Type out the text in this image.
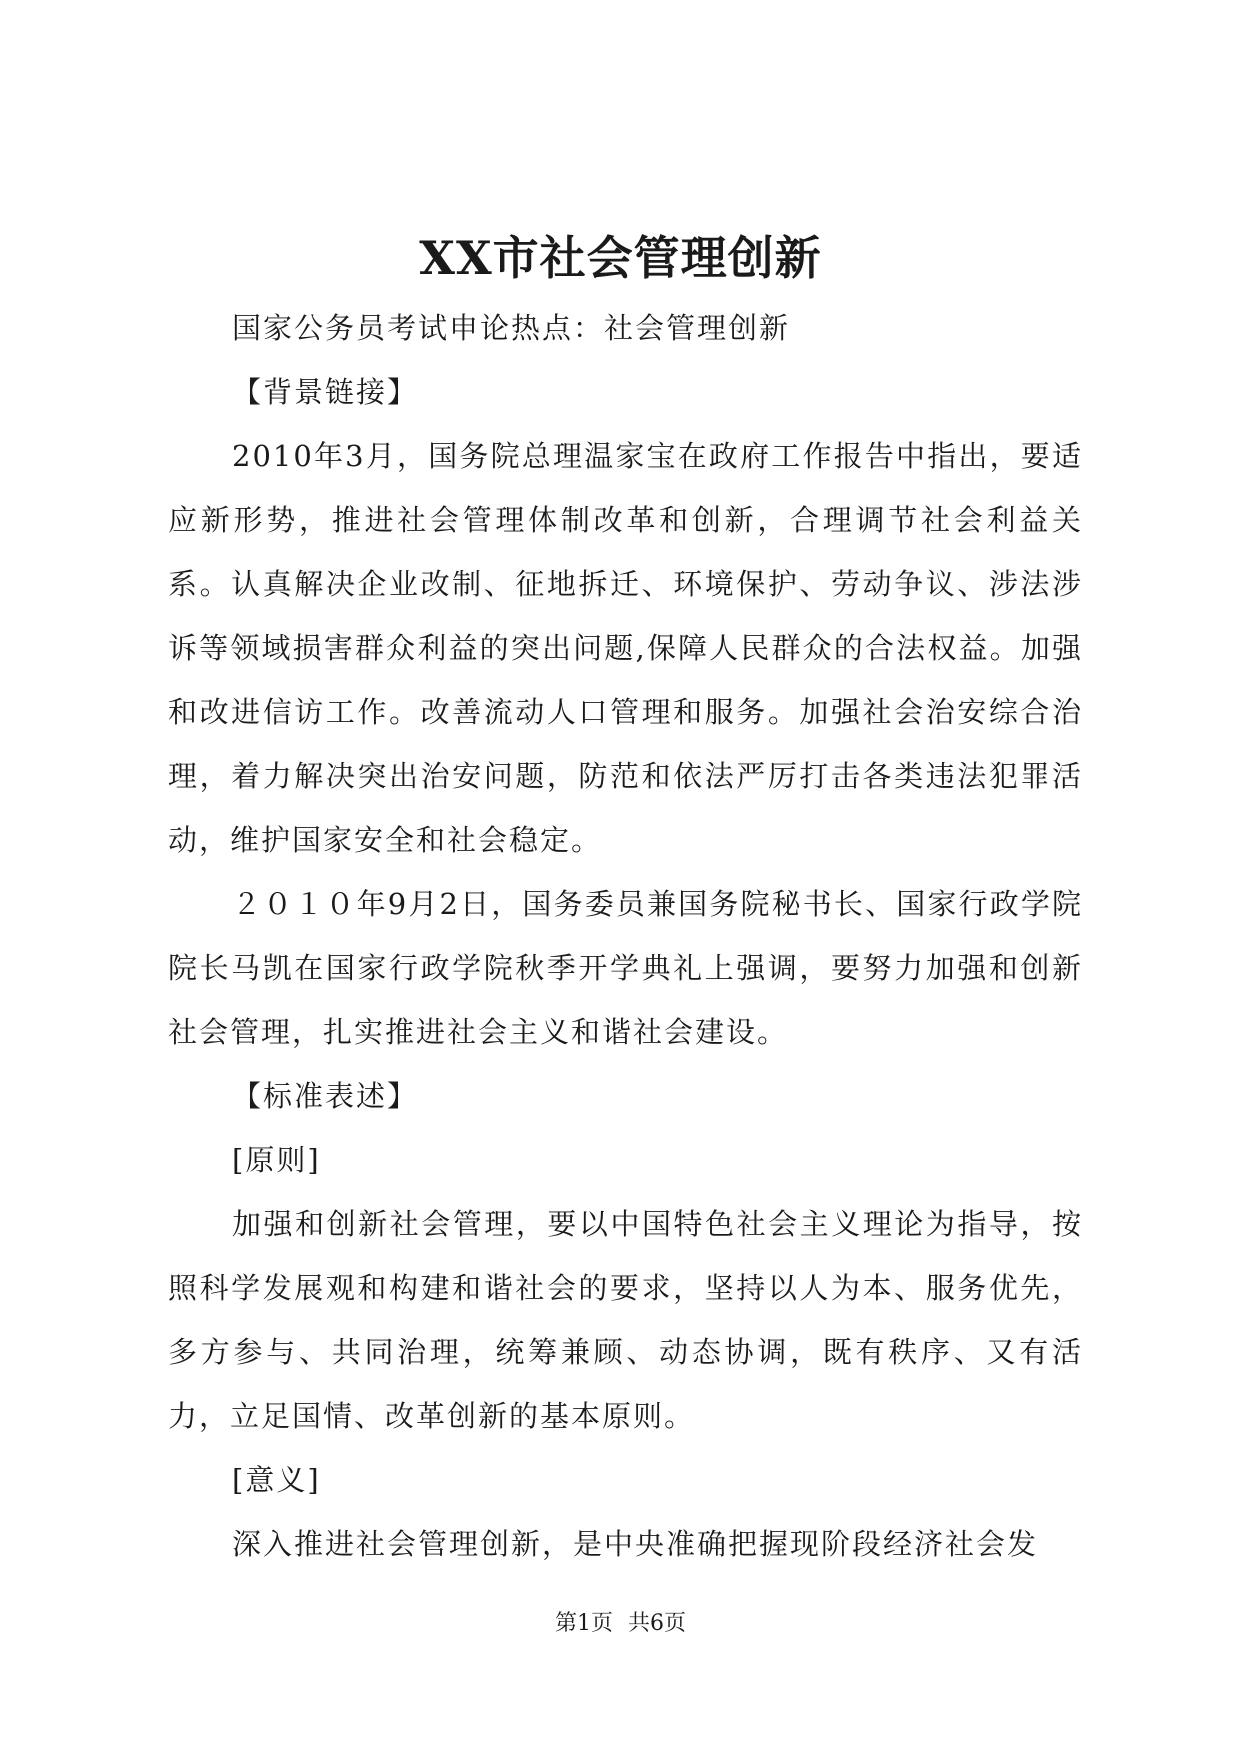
XX市社会管理创新

国家公务员考试申论热点：社会管理创新

【背景链接】

2010年3月，国务院总理温家宝在政府工作报告中指出，要适应新形势，推进社会管理体制改革和创新，合理调节社会利益关系。认真解决企业改制、征地拆迁、环境保护、劳动争议、涉法涉诉等领域损害群众利益的突出问题,保障人民群众的合法权益。加强和改进信访工作。改善流动人口管理和服务。加强社会治安综合治理，着力解决突出治安问题，防范和依法严厉打击各类违法犯罪活动，维护国家安全和社会稳定。

２０１０年9月2日，国务委员兼国务院秘书长、国家行政学院院长马凯在国家行政学院秋季开学典礼上强调，要努力加强和创新社会管理，扎实推进社会主义和谐社会建设。

【标准表述】

[原则]

加强和创新社会管理，要以中国特色社会主义理论为指导，按照科学发展观和构建和谐社会的要求，坚持以人为本、服务优先，多方参与、共同治理，统筹兼顾、动态协调，既有秩序、又有活力，立足国情、改革创新的基本原则。

[意义]

深入推进社会管理创新，是中央准确把握现阶段经济社会发

第1页 共6页
